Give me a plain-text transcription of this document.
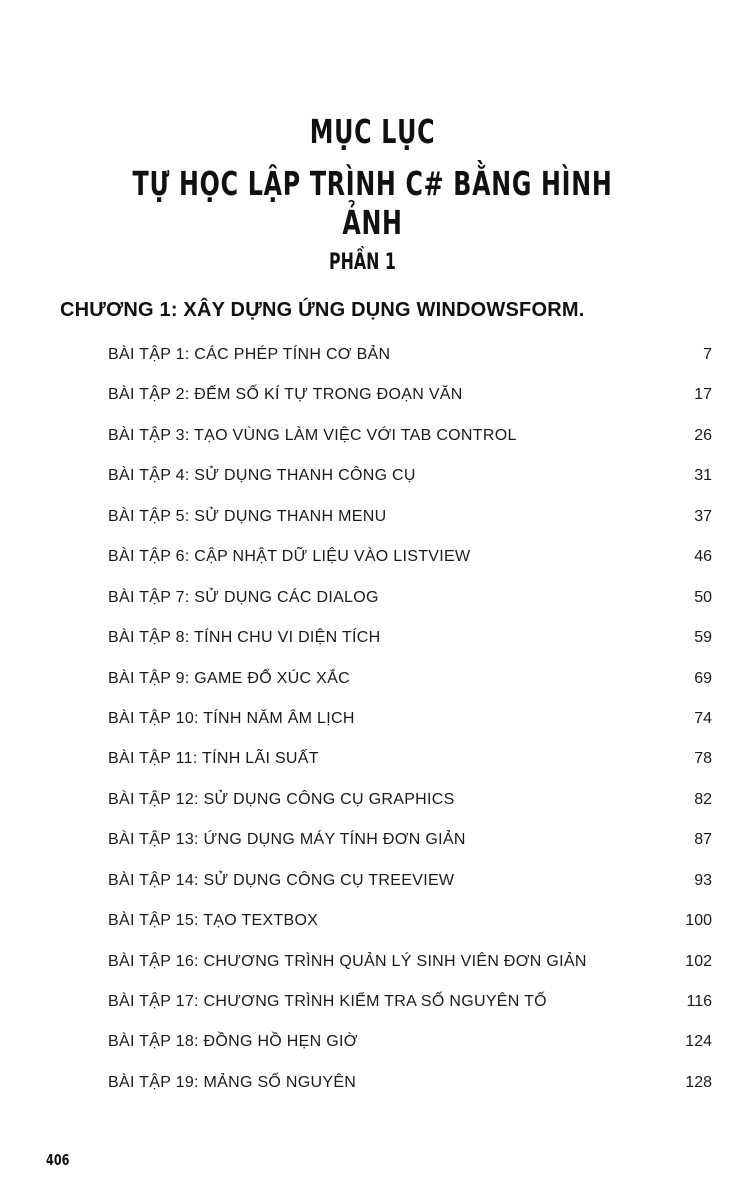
MỤC LỤC
TỰ HỌC LẬP TRÌNH C# BẰNG HÌNH ẢNH
PHẦN 1
CHƯƠNG 1: XÂY DỰNG ỨNG DỤNG WINDOWSFORM.
BÀI TẬP 1: CÁC PHÉP TÍNH CƠ BẢN	7
BÀI TẬP 2: ĐẾM SỐ KÍ TỰ TRONG ĐOẠN VĂN	17
BÀI TẬP 3: TẠO VÙNG LÀM VIỆC VỚI TAB CONTROL	26
BÀI TẬP 4: SỬ DỤNG THANH CÔNG CỤ	31
BÀI TẬP 5: SỬ DỤNG THANH MENU	37
BÀI TẬP 6: CẬP NHẬT DỮ LIỆU VÀO LISTVIEW	46
BÀI TẬP 7: SỬ DỤNG CÁC DIALOG	50
BÀI TẬP 8: TÍNH CHU VI DIỆN TÍCH	59
BÀI TẬP 9: GAME ĐỔ XÚC XẮC	69
BÀI TẬP 10: TÍNH NĂM ÂM LỊCH	74
BÀI TẬP 11: TÍNH LÃI SUẤT	78
BÀI TẬP 12: SỬ DỤNG CÔNG CỤ GRAPHICS	82
BÀI TẬP 13: ỨNG DỤNG MÁY TÍNH ĐƠN GIẢN	87
BÀI TẬP 14: SỬ DỤNG CÔNG CỤ TREEVIEW	93
BÀI TẬP 15: TẠO TEXTBOX	100
BÀI TẬP 16: CHƯƠNG TRÌNH QUẢN LÝ SINH VIÊN ĐƠN GIẢN	102
BÀI TẬP 17: CHƯƠNG TRÌNH KIỂM TRA SỐ NGUYÊN TỐ	116
BÀI TẬP 18: ĐỒNG HỒ HẸN GIỜ	124
BÀI TẬP 19: MẢNG SỐ NGUYÊN	128
406
